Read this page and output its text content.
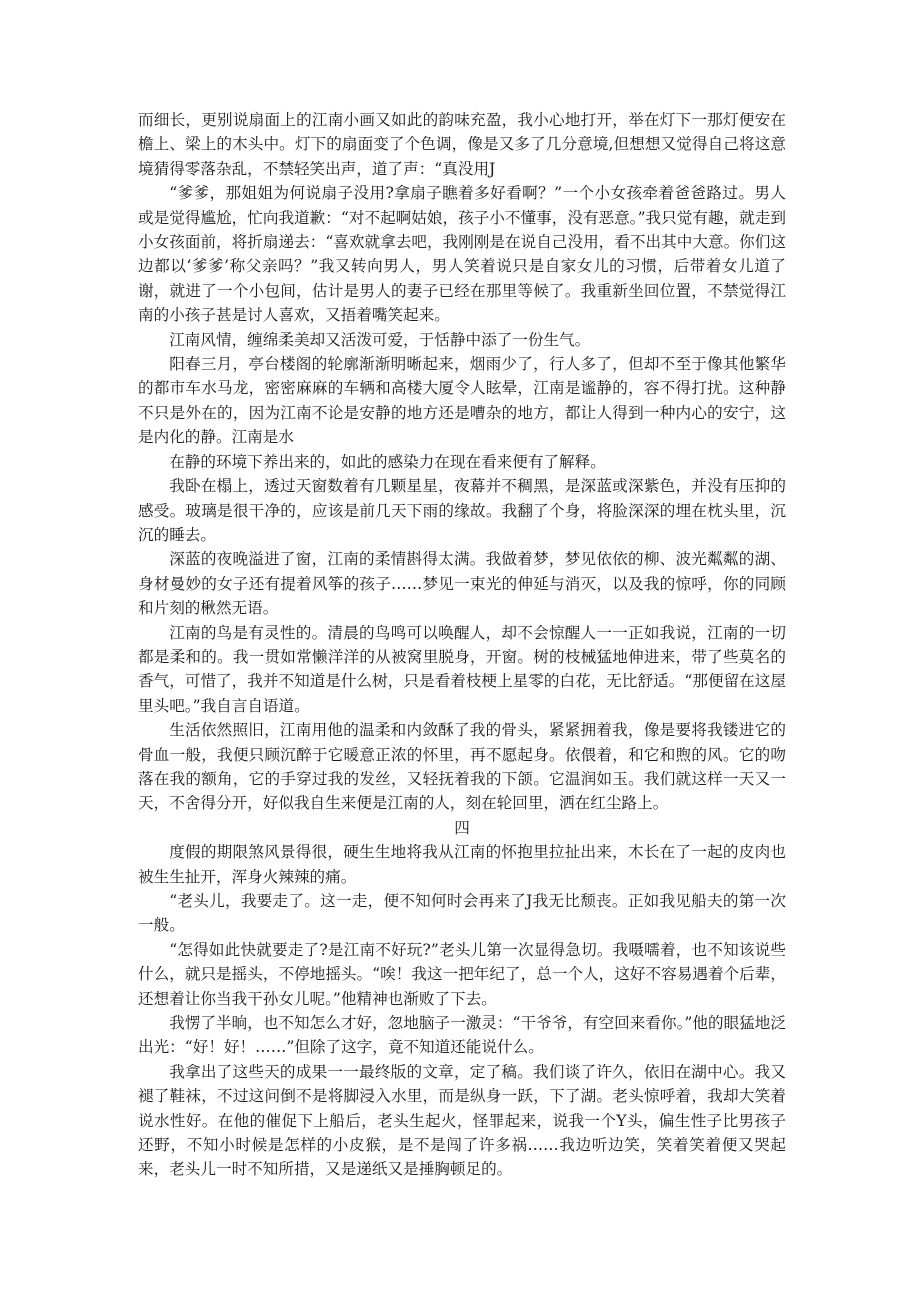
而细长，更别说扇面上的江南小画又如此的韵味充盈，我小心地打开，举在灯下一那灯便安在檐上、梁上的木头中。灯下的扇面变了个色调，像是又多了几分意境,但想想又觉得自己将这意境猜得零落杂乱，不禁轻笑出声，道了声：“真没用J

“爹爹，那姐姐为何说扇子没用?拿扇子瞧着多好看啊？”一个小女孩牵着爸爸路过。男人或是觉得尴尬，忙向我道歉：“对不起啊姑娘，孩子小不懂事，没有恶意。”我只觉有趣，就走到小女孩面前，将折扇递去：“喜欢就拿去吧，我刚刚是在说自己没用，看不出其中大意。你们这边都以‘爹爹’称父亲吗？”我又转向男人，男人笑着说只是自家女儿的习惯，后带着女儿道了谢，就进了一个小包间，估计是男人的妻子已经在那里等候了。我重新坐回位置，不禁觉得江南的小孩子甚是讨人喜欢，又捂着嘴笑起来。

江南风情，缠绵柔美却又活泼可爱，于恬静中添了一份生气。

阳春三月，亭台楼阁的轮廓渐渐明晰起来，烟雨少了，行人多了，但却不至于像其他繁华的都市车水马龙，密密麻麻的车辆和高楼大厦令人眩晕，江南是谧静的，容不得打扰。这种静不只是外在的，因为江南不论是安静的地方还是嘈杂的地方，都让人得到一种内心的安宁，这是内化的静。江南是水

在静的环境下养出来的，如此的感染力在现在看来便有了解释。

我卧在榻上，透过天窗数着有几颗星星，夜幕并不稠黑，是深蓝或深紫色，并没有压抑的感受。玻璃是很干净的，应该是前几天下雨的缘故。我翻了个身，将脸深深的埋在枕头里，沉沉的睡去。

深蓝的夜晚溢进了窗，江南的柔情斟得太满。我做着梦，梦见依依的柳、波光粼粼的湖、身材曼妙的女子还有提着风筝的孩子……梦见一束光的伸延与消灭，以及我的惊呼，你的同顾和片刻的楸然无语。

江南的鸟是有灵性的。清晨的鸟鸣可以唤醒人，却不会惊醒人一一正如我说，江南的一切都是柔和的。我一贯如常懒洋洋的从被窝里脱身，开窗。树的枝械猛地伸进来，带了些莫名的香气，可惜了，我并不知道是什么树，只是看着枝梗上星零的白花，无比舒适。“那便留在这屋里头吧。”我自言自语道。

生活依然照旧，江南用他的温柔和内敛酥了我的骨头，紧紧拥着我，像是要将我镂进它的骨血一般，我便只顾沉醉于它暖意正浓的怀里，再不愿起身。依偎着，和它和煦的风。它的吻落在我的额角，它的手穿过我的发丝，又轻抚着我的下颌。它温润如玉。我们就这样一天又一天，不舍得分开，好似我自生来便是江南的人，刻在轮回里，洒在红尘路上。

四

度假的期限煞风景得很，硬生生地将我从江南的怀抱里拉扯出来，木长在了一起的皮肉也被生生扯开，浑身火辣辣的痛。

“老头儿，我要走了。这一走，便不知何时会再来了J我无比颓丧。正如我见船夫的第一次一般。

“怎得如此快就要走了?是江南不好玩?”老头儿第一次显得急切。我嗫嚅着，也不知该说些什么，就只是摇头，不停地摇头。“唉！我这一把年纪了，总一个人，这好不容易遇着个后辈，还想着让你当我干孙女儿呢。”他精神也渐败了下去。

我愣了半晌，也不知怎么才好，忽地脑子一激灵：“干爷爷，有空回来看你。”他的眼猛地泛出光：“好！好！……”但除了这字，竟不知道还能说什么。

我拿出了这些天的成果一一最终版的文章，定了稿。我们谈了许久，依旧在湖中心。我又褪了鞋袜，不过这问倒不是将脚浸入水里，而是纵身一跃，下了湖。老头惊呼着，我却大笑着说水性好。在他的催促下上船后，老头生起火，怪罪起来，说我一个Y头，偏生性子比男孩子还野，不知小时候是怎样的小皮猴，是不是闯了许多祸……我边听边笑，笑着笑着便又哭起来，老头儿一时不知所措，又是递纸又是捶胸顿足的。
